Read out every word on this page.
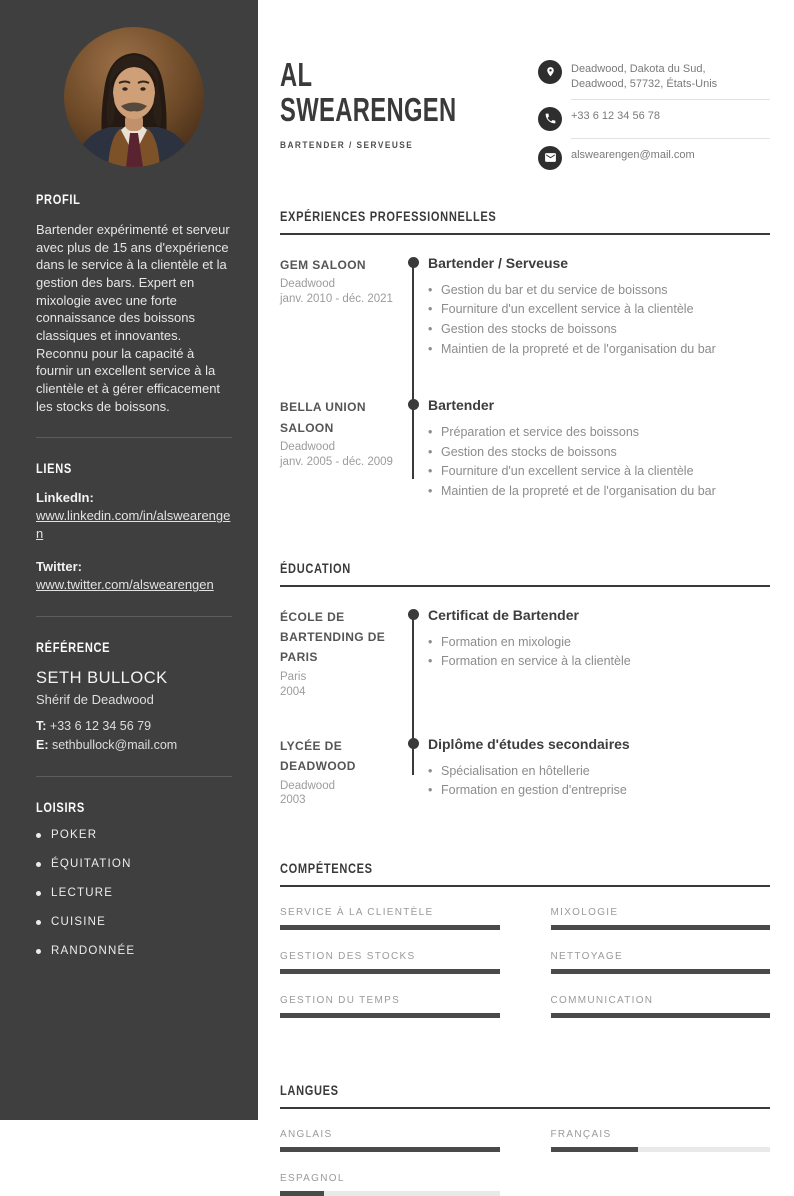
PROFIL

Bartender expérimenté et serveur avec plus de 15 ans d'expérience dans le service à la clientèle et la gestion des bars. Expert en mixologie avec une forte connaissance des boissons classiques et innovantes. Reconnu pour la capacité à fournir un excellent service à la clientèle et à gérer efficacement les stocks de boissons.

LIENS
LinkedIn:
www.linkedin.com/in/alswearengen
Twitter:
www.twitter.com/alswearengen
RÉFÉRENCE
SETH BULLOCK
Shérif de Deadwood
T: +33 6 12 34 56 79
E: sethbullock@mail.com
LOISIRS
POKER
ÉQUITATION
LECTURE
CUISINE
RANDONNÉE
AL
SWEARENGEN
BARTENDER / SERVEUSE
Deadwood, Dakota du Sud,
Deadwood, 57732, États-Unis
+33 6 12 34 56 78
alswearengen@mail.com
EXPÉRIENCES PROFESSIONNELLES
GEM SALOON
Deadwood
janv. 2010 - déc. 2021
Bartender / Serveuse
• Gestion du bar et du service de boissons
• Fourniture d'un excellent service à la clientèle
• Gestion des stocks de boissons
• Maintien de la propreté et de l'organisation du bar
BELLA UNION SALOON
Deadwood
janv. 2005 - déc. 2009
Bartender
• Préparation et service des boissons
• Gestion des stocks de boissons
• Fourniture d'un excellent service à la clientèle
• Maintien de la propreté et de l'organisation du bar
ÉDUCATION
ÉCOLE DE BARTENDING DE PARIS
Paris
2004
Certificat de Bartender
• Formation en mixologie
• Formation en service à la clientèle
LYCÉE DE DEADWOOD
Deadwood
2003
Diplôme d'études secondaires
• Spécialisation en hôtellerie
• Formation en gestion d'entreprise
COMPÉTENCES
SERVICE À LA CLIENTÈLE	MIXOLOGIE
GESTION DES STOCKS	NETTOYAGE
GESTION DU TEMPS	COMMUNICATION
LANGUES
ANGLAIS	FRANÇAIS
ESPAGNOL
